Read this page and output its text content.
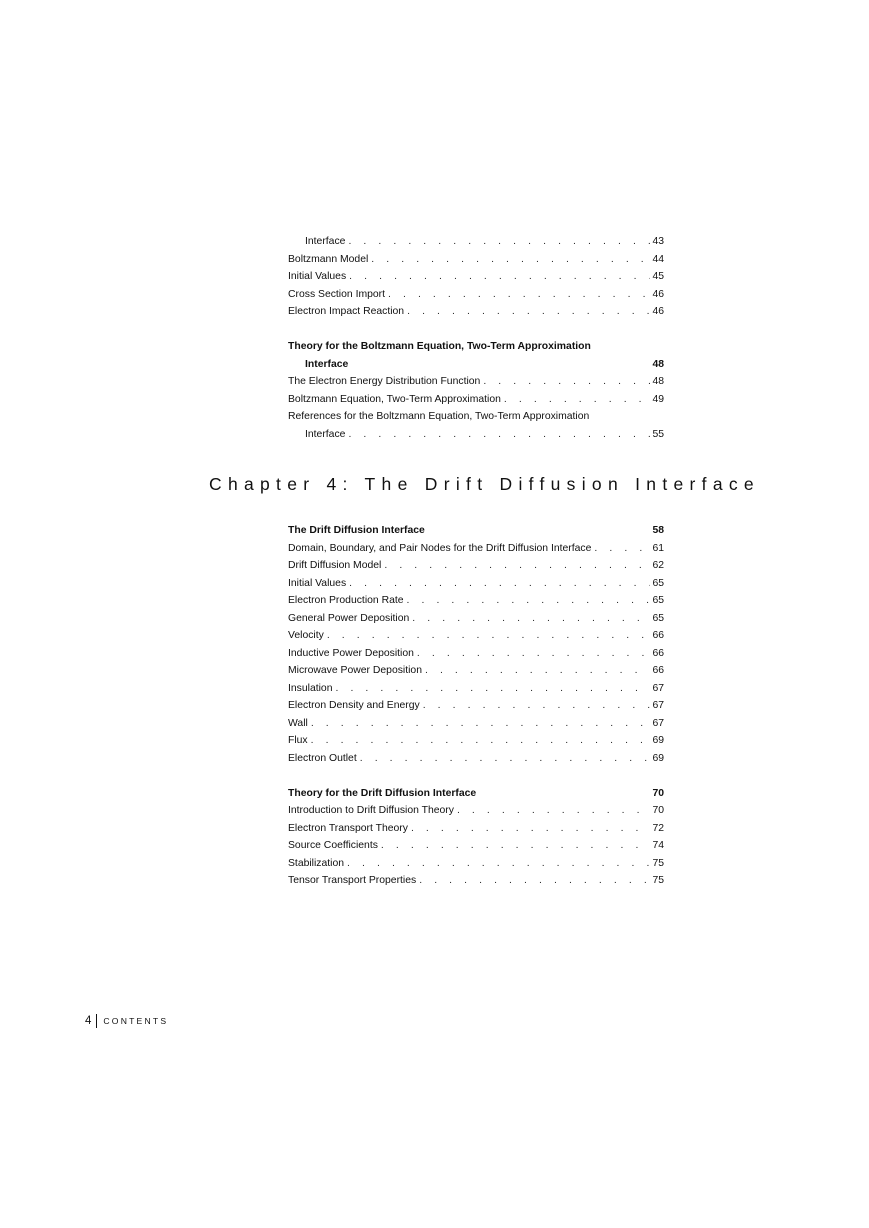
Interface . . .	43
Boltzmann Model . . .	44
Initial Values . . .	45
Cross Section Import . . .	46
Electron Impact Reaction . . .	46
Theory for the Boltzmann Equation, Two-Term Approximation
Interface	48
The Electron Energy Distribution Function . . .	48
Boltzmann Equation, Two-Term Approximation . . .	49
References for the Boltzmann Equation, Two-Term Approximation
Interface . . .	55
Chapter 4: The Drift Diffusion Interface
The Drift Diffusion Interface	58
Domain, Boundary, and Pair Nodes for the Drift Diffusion Interface . . .	61
Drift Diffusion Model . . .	62
Initial Values . . .	65
Electron Production Rate . . .	65
General Power Deposition . . .	65
Velocity . . .	66
Inductive Power Deposition . . .	66
Microwave Power Deposition . . .	66
Insulation . . .	67
Electron Density and Energy . . .	67
Wall . . .	67
Flux . . .	69
Electron Outlet . . .	69
Theory for the Drift Diffusion Interface	70
Introduction to Drift Diffusion Theory . . .	70
Electron Transport Theory . . .	72
Source Coefficients . . .	74
Stabilization . . .	75
Tensor Transport Properties . . .	75
4 CONTENTS
